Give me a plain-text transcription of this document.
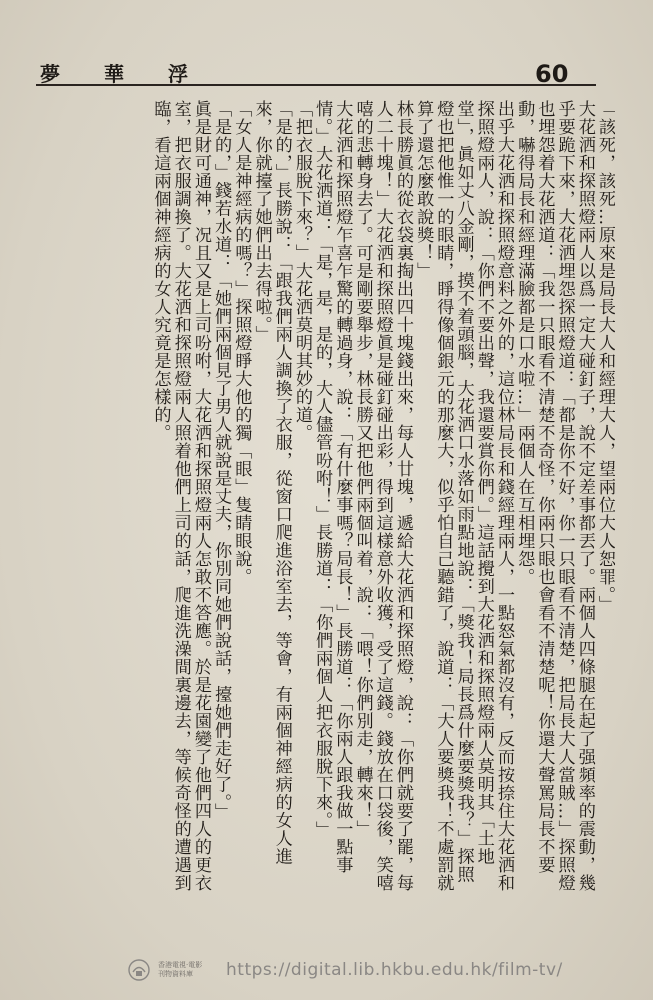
夢 華 浮	60

「該死，該死…原來是局長大人和經理大人，望兩位大人恕罪。」

大花洒和探照燈兩人以爲一定大碰釘子，說不定差事都丟了。兩個人四條腿在起了强頻率的震動，幾乎要跪下來，大花洒埋怨探照燈道：「都是你不好，你一只眼看不清楚，把局長大人當賊…」探照燈也埋怨着大花洒道：「我一只眼看不清楚不奇怪，你兩只眼也會看不清楚呢！你還大聲罵局長不要動，嚇得局長和經理滿臉都是口水啦…」兩個人在互相埋怨。

出乎大花洒和探照燈意料之外的，這位林局長和錢經理兩人，一點怒氣都沒有，反而按捺住大花洒和探照燈兩人，說：「你們不要出聲，我還要賞你們。」這話攪到大花洒和探照燈兩人莫明其「土地堂」，眞如丈八金剛，摸不着頭腦，大花洒口水落如雨點地說：「獎我！局長爲什麼要獎我？」探照燈也把他惟一的眼睛，睜得像個銀元的那麼大，似乎怕自己聽錯了，說道：「大人要獎我！不處罰就算了還怎麼敢說獎！」

林長勝眞的從衣袋裏掏出四十塊錢出來，每人廿塊，遞給大花洒和探照燈，說：「你們就要了罷，每人二十塊！」大花洒和探照燈眞是碰釘碰出彩，得到這樣意外收獲，受了這錢。錢放在口袋後，笑嘻嘻的悲轉身去了。可是剛要舉步，林長勝又把他們兩個叫着，說：「喂！你們別走，轉來！」

大花洒和探照燈乍喜乍驚的轉過身，說：「有什麼事嗎？局長！」長勝道：「你兩人跟我做一點事情。」大花洒道：「是，是，是的，大人儘管吩咐！」長勝道：「你們兩個人把衣服脫下來。」

「把衣服脫下來？」大花洒莫明其妙的道。

「是的，」長勝說：「跟我們兩人調換了衣服，從窗口爬進浴室去，等會，有兩個神經病的女人進來，你就擡了她們出去得啦。」

「女人是神經病的嗎？」探照燈睜大他的獨「眼」隻睛眼說。

「是的，」錢若水道：「她們兩個見了男人就說是丈夫，你別同她們說話，擡她們走好了。」

眞是財可通神，况且又是上司吩咐，大花洒和探照燈兩人怎敢不答應。於是花園變了他們四人的更衣室，把衣服調換了。大花洒和探照燈兩人照着他們上司的話，爬進洗澡間裏邊去，等候奇怪的遭遇到臨，看這兩個神經病的女人究竟是怎樣的。

香港電視·電影
刊物資料庫	https://digital.lib.hkbu.edu.hk/film-tv/
